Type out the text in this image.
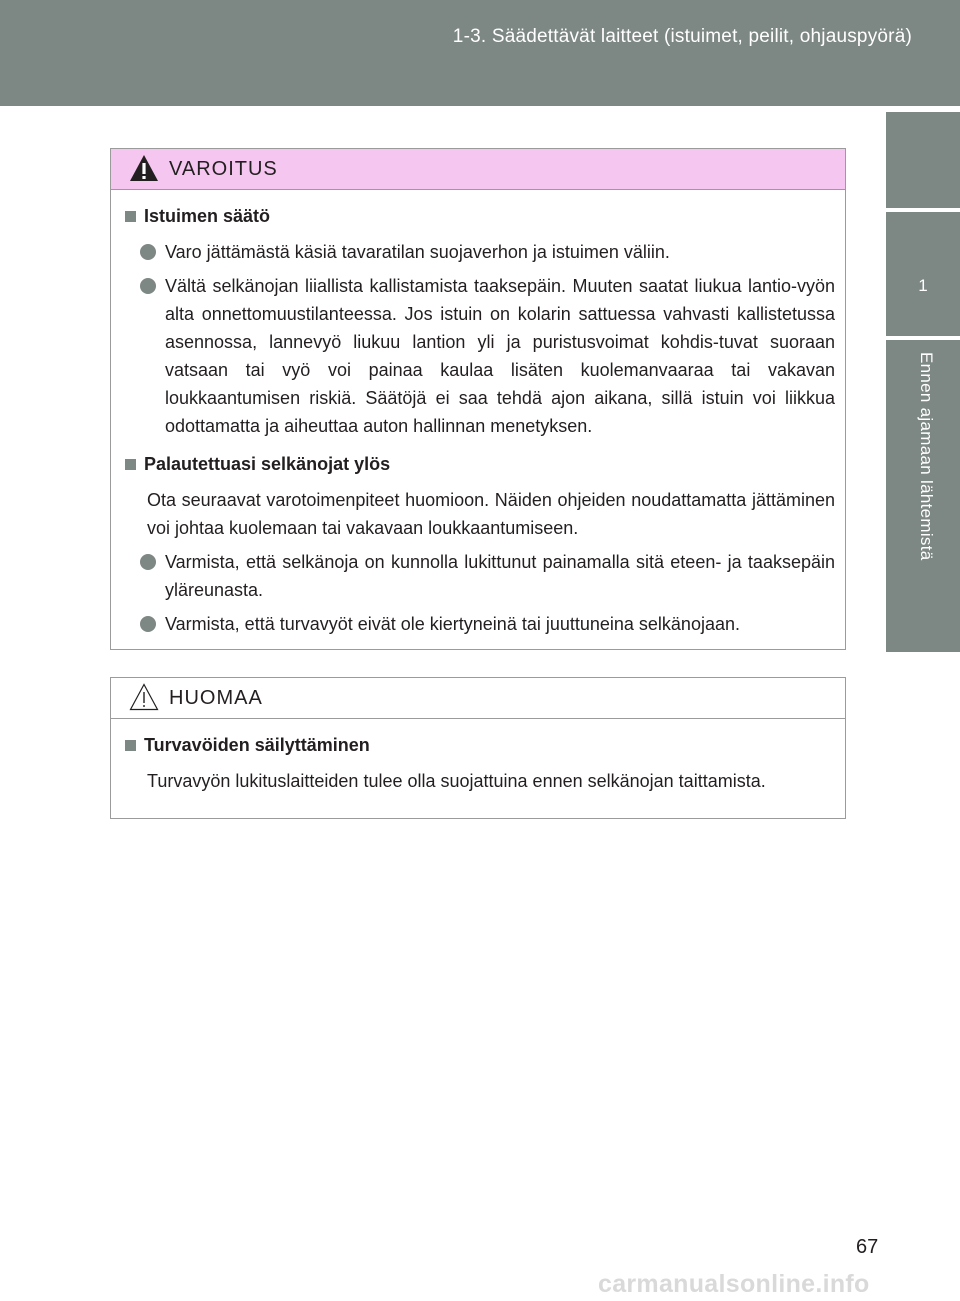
1-3. Säädettävät laitteet (istuimet, peilit, ohjauspyörä)
1
Ennen ajamaan lähtemistä
VAROITUS
Istuimen säätö
Varo jättämästä käsiä tavaratilan suojaverhon ja istuimen väliin.
Vältä selkänojan liiallista kallistamista taaksepäin. Muuten saatat liukua lantio-vyön alta onnettomuustilanteessa. Jos istuin on kolarin sattuessa vahvasti kallistetussa asennossa, lannevyö liukuu lantion yli ja puristusvoimat kohdis-tuvat suoraan vatsaan tai vyö voi painaa kaulaa lisäten kuolemanvaaraa tai vakavan loukkaantumisen riskiä. Säätöjä ei saa tehdä ajon aikana, sillä istuin voi liikkua odottamatta ja aiheuttaa auton hallinnan menetyksen.
Palautettuasi selkänojat ylös
Ota seuraavat varotoimenpiteet huomioon. Näiden ohjeiden noudattamatta jättäminen voi johtaa kuolemaan tai vakavaan loukkaantumiseen.
Varmista, että selkänoja on kunnolla lukittunut painamalla sitä eteen- ja taaksepäin yläreunasta.
Varmista, että turvavyöt eivät ole kiertyneinä tai juuttuneina selkänojaan.
HUOMAA
Turvavöiden säilyttäminen
Turvavyön lukituslaitteiden tulee olla suojattuina ennen selkänojan taittamista.
67
carmanualsonline.info
